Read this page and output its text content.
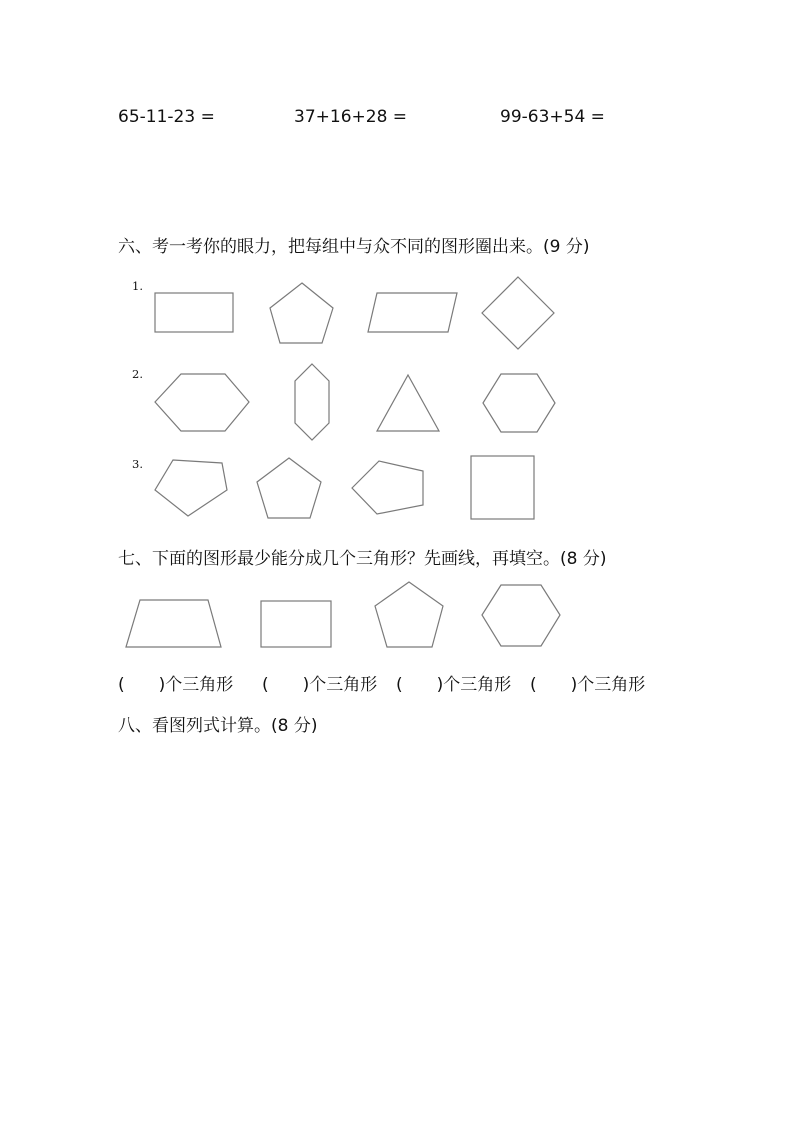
65-11-23 =	37+16+28 =	99-63+54 =
六、考一考你的眼力，把每组中与众不同的图形圈出来。(9 分)
1.
2.
3.
七、下面的图形最少能分成几个三角形？先画线，再填空。(8 分)
(　　)个三角形 (　　)个三角形 (　　)个三角形 (　　)个三角形
八、看图列式计算。(8 分)
